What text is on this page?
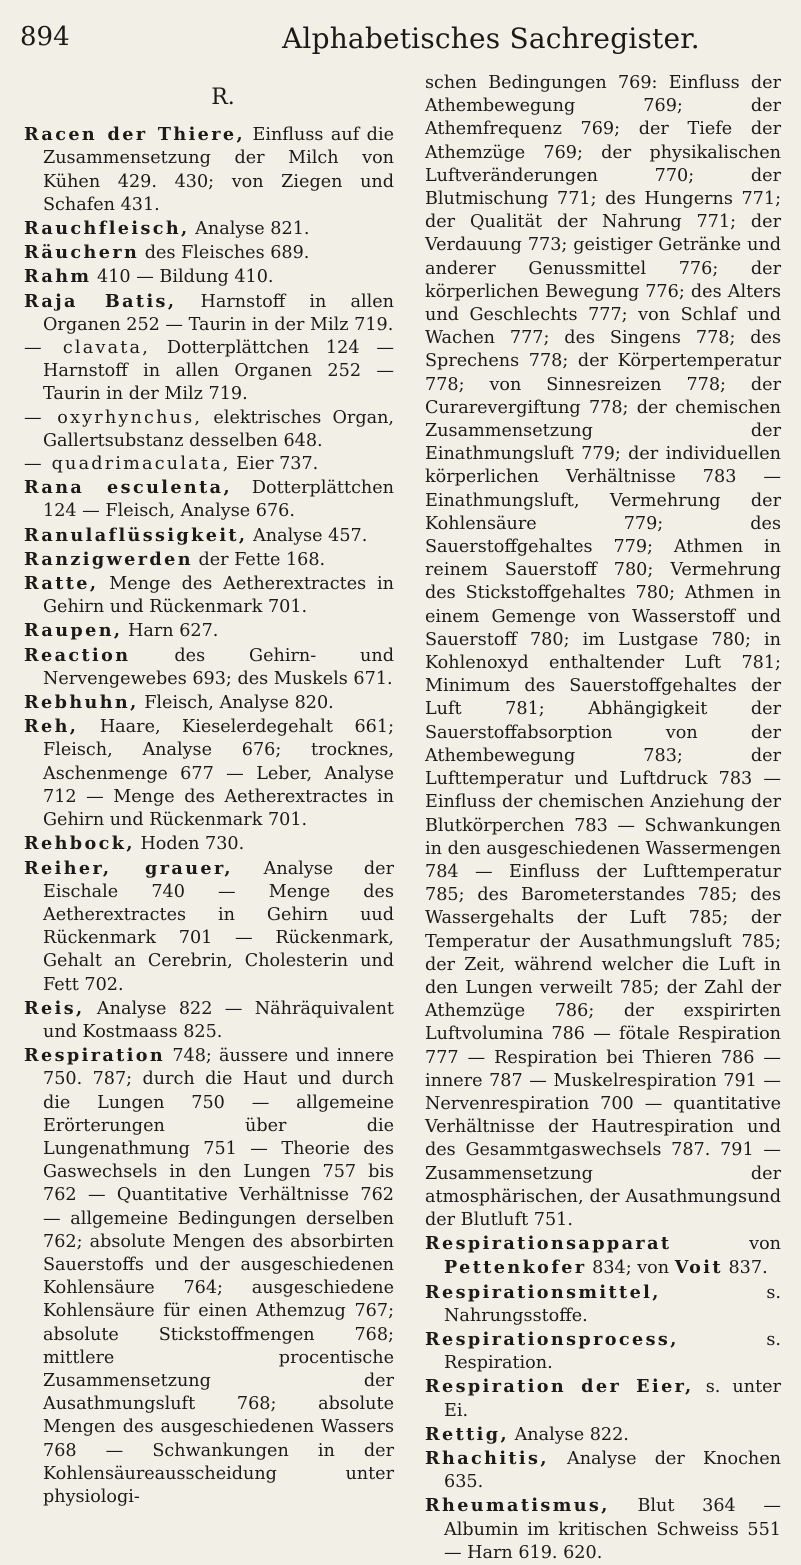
894	Alphabetisches Sachregister.
R.

Racen der Thiere, Einfluss auf die Zusammensetzung der Milch von Kühen 429. 430; von Ziegen und Schafen 431.

Rauchfleisch, Analyse 821.

Räuchern des Fleisches 689.

Rahm 410 — Bildung 410.

Raja Batis, Harnstoff in allen Organen 252 — Taurin in der Milz 719.

— clavata, Dotterplättchen 124 — Harnstoff in allen Organen 252 — Taurin in der Milz 719.

— oxyrhynchus, elektrisches Organ, Gallertsubstanz desselben 648.

— quadrimaculata, Eier 737.

Rana esculenta, Dotterplättchen 124 — Fleisch, Analyse 676.

Ranulaflüssigkeit, Analyse 457.

Ranzigwerden der Fette 168.

Ratte, Menge des Aetherextractes in Gehirn und Rückenmark 701.

Raupen, Harn 627.

Reaction des Gehirn- und Nervengewebes 693; des Muskels 671.

Rebhuhn, Fleisch, Analyse 820.

Reh, Haare, Kieselerdegehalt 661; Fleisch, Analyse 676; trocknes, Aschenmenge 677 — Leber, Analyse 712 — Menge des Aetherextractes in Gehirn und Rückenmark 701.

Rehbock, Hoden 730.

Reiher, grauer, Analyse der Eischale 740 — Menge des Aetherextractes in Gehirn uud Rückenmark 701 — Rückenmark, Gehalt an Cerebrin, Cholesterin und Fett 702.

Reis, Analyse 822 — Nähräquivalent und Kostmaass 825.

Respiration 748; äussere und innere 750. 787; durch die Haut und durch die Lungen 750 — allgemeine Erörterungen über die Lungenathmung 751 — Theorie des Gaswechsels in den Lungen 757 bis 762 — Quantitative Verhältnisse 762 — allgemeine Bedingungen derselben 762; absolute Mengen des absorbirten Sauerstoffs und der ausgeschiedenen Kohlensäure 764; ausgeschiedene Kohlensäure für einen Athemzug 767; absolute Stickstoffmengen 768; mittlere procentische Zusammensetzung der Ausathmungsluft 768; absolute Mengen des ausgeschiedenen Wassers 768 — Schwankungen in der Kohlensäureausscheidung unter physiologi-

schen Bedingungen 769: Einfluss der Athembewegung 769; der Athemfrequenz 769; der Tiefe der Athemzüge 769; der physikalischen Luftveränderungen 770; der Blutmischung 771; des Hungerns 771; der Qualität der Nahrung 771; der Verdauung 773; geistiger Getränke und anderer Genussmittel 776; der körperlichen Bewegung 776; des Alters und Geschlechts 777; von Schlaf und Wachen 777; des Singens 778; des Sprechens 778; der Körpertemperatur 778; von Sinnesreizen 778; der Curarevergiftung 778; der chemischen Zusammensetzung der Einathmungsluft 779; der individuellen körperlichen Verhältnisse 783 — Einathmungsluft, Vermehrung der Kohlensäure 779; des Sauerstoffgehaltes 779; Athmen in reinem Sauerstoff 780; Vermehrung des Stickstoffgehaltes 780; Athmen in einem Gemenge von Wasserstoff und Sauerstoff 780; im Lustgase 780; in Kohlenoxyd enthaltender Luft 781; Minimum des Sauerstoffgehaltes der Luft 781; Abhängigkeit der Sauerstoffabsorption von der Athembewegung 783; der Lufttemperatur und Luftdruck 783 — Einfluss der chemischen Anziehung der Blutkörperchen 783 — Schwankungen in den ausgeschiedenen Wassermengen 784 — Einfluss der Lufttemperatur 785; des Barometerstandes 785; des Wassergehalts der Luft 785; der Temperatur der Ausathmungsluft 785; der Zeit, während welcher die Luft in den Lungen verweilt 785; der Zahl der Athemzüge 786; der exspirirten Luftvolumina 786 — fötale Respiration 777 — Respiration bei Thieren 786 — innere 787 — Muskelrespiration 791 — Nervenrespiration 700 — quantitative Verhältnisse der Hautrespiration und des Gesammtgaswechsels 787. 791 — Zusammensetzung der atmosphärischen, der Ausathmungsund der Blutluft 751.

Respirationsapparat von Pettenkofer 834; von Voit 837.

Respirationsmittel, s. Nahrungsstoffe.

Respirationsprocess, s. Respiration.

Respiration der Eier, s. unter Ei.

Rettig, Analyse 822.

Rhachitis, Analyse der Knochen 635.

Rheumatismus, Blut 364 — Albumin im kritischen Schweiss 551 — Harn 619. 620.
